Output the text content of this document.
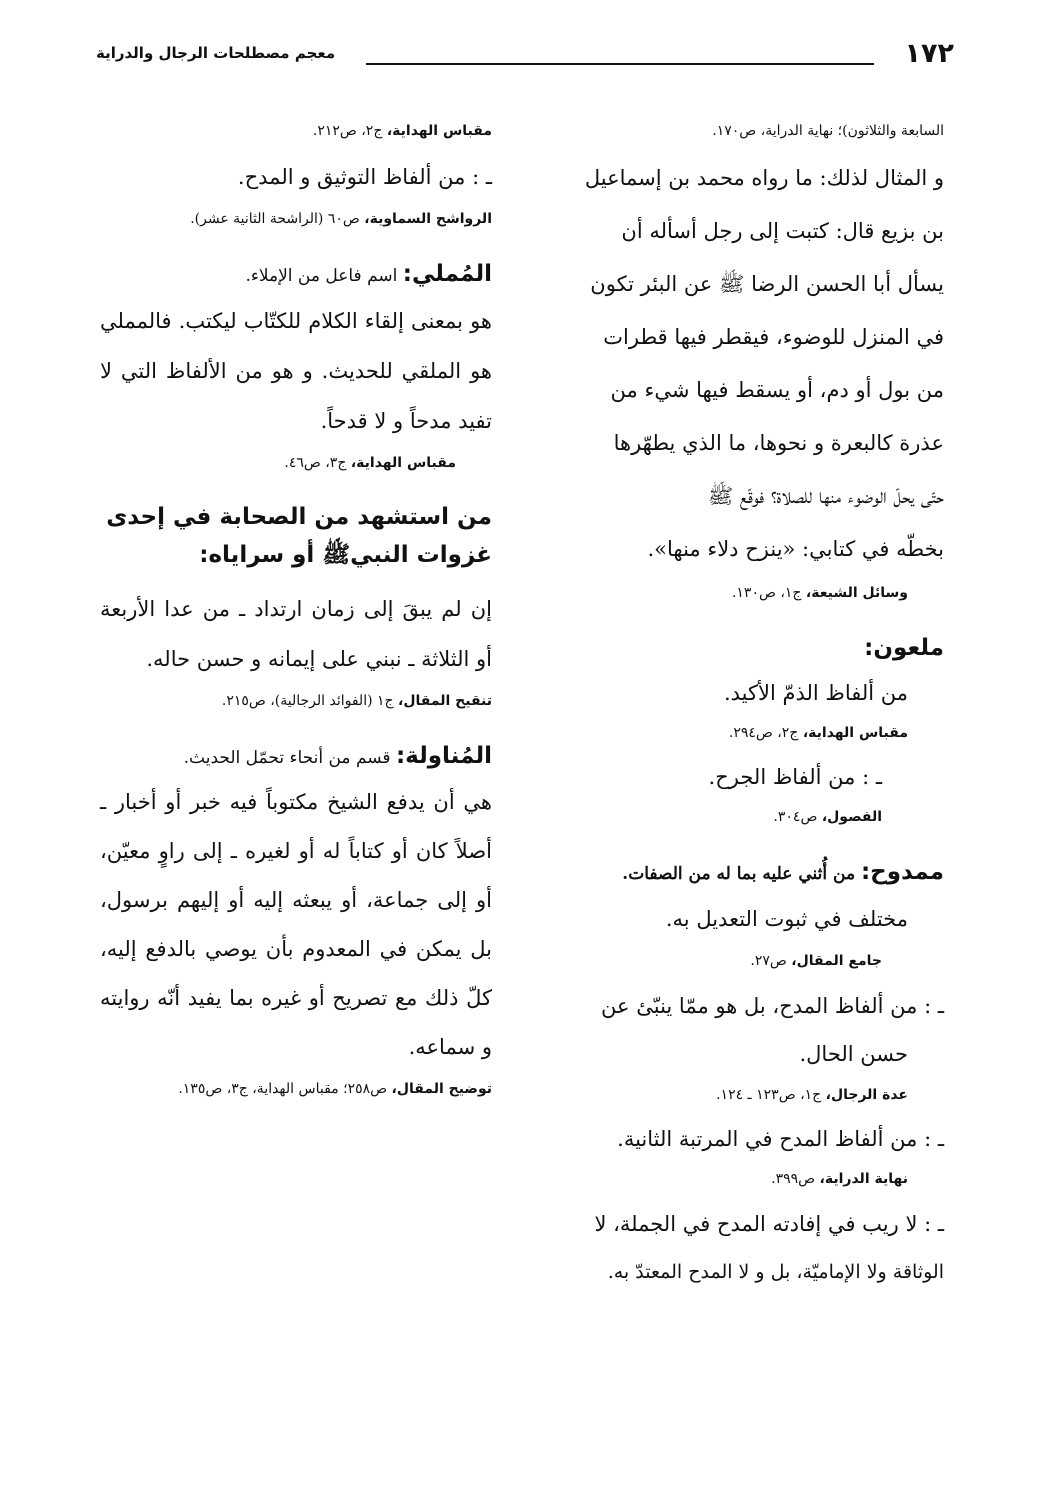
١٧٢
معجم مصطلحات الرجال والدراية
السابعة والثلاثون)؛ نهاية الدراية، ص١٧٠.
و المثال لذلك: ما رواه محمد بن إسماعيل
بن بزيع قال: كتبت إلى رجل أسأله أن
يسأل أبا الحسن الرضا ﷺ عن البئر تكون
في المنزل للوضوء، فيقطر فيها قطرات
من بول أو دم، أو يسقط فيها شيء من
عذرة كالبعرة و نحوها، ما الذي يطهّرها
حتّى يحلّ الوضوء منها للصلاة؟ فوقّع ﷺ
بخطّه في كتابي: «ينزح دلاء منها».
وسائل الشيعة، ج١، ص١٣٠.
ملعون:
من ألفاظ الذمّ الأكيد.
مقباس الهداية، ج٢، ص٢٩٤.
ـ : من ألفاظ الجرح.
الفصول، ص٣٠٤.
ممدوح: من أُثني عليه بما له من الصفات.
مختلف في ثبوت التعديل به.
جامع المقال، ص٢٧.
ـ : من ألفاظ المدح، بل هو ممّا ينبّئ عن
حسن الحال.
عدة الرجال، ج١، ص١٢٣ ـ ١٢٤.
ـ : من ألفاظ المدح في المرتبة الثانية.
نهاية الدراية، ص٣٩٩.
ـ : لا ريب في إفادته المدح في الجملة، لا
الوثاقة ولا الإماميّة، بل و لا المدح المعتدّ به.
مقباس الهداية، ج٢، ص٢١٢.
ـ : من ألفاظ التوثيق و المدح.
الرواشح السماوية، ص٦٠ (الراشحة الثانية عشر).
المُملي: اسم فاعل من الإملاء.
هو بمعنى إلقاء الكلام للكتّاب ليكتب. فالمملي هو الملقي للحديث. و هو من الألفاظ التي لا تفيد مدحاً و لا قدحاً.
مقباس الهداية، ج٣، ص٤٦.
من استشهد من الصحابة في إحدى غزوات النبيﷺ أو سراياه:
إن لم يبقَ إلى زمان ارتداد ـ من عدا الأربعة أو الثلاثة ـ نبني على إيمانه و حسن حاله.
تنقيح المقال، ج١ (الفوائد الرجالية)، ص٢١٥.
المُناولة: قسم من أنحاء تحمّل الحديث.
هي أن يدفع الشيخ مكتوباً فيه خبر أو أخبار ـ أصلاً كان أو كتاباً له أو لغيره ـ إلى راوٍ معيّن، أو إلى جماعة، أو يبعثه إليه أو إليهم برسول، بل يمكن في المعدوم بأن يوصي بالدفع إليه، كلّ ذلك مع تصريح أو غيره بما يفيد أنّه روايته و سماعه.
توضيح المقال، ص٢٥٨؛ مقباس الهداية، ج٣، ص١٣٥.
